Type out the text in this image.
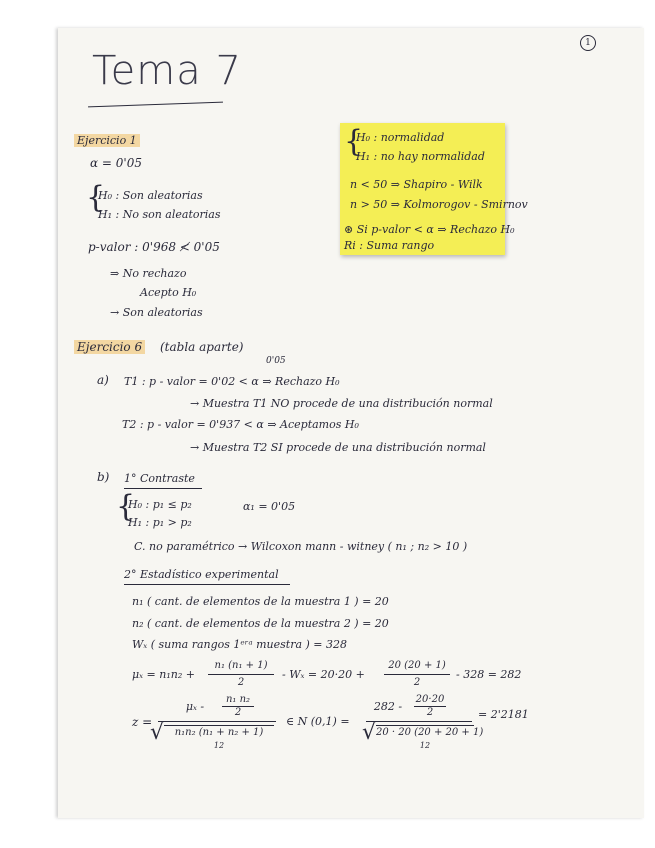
1
Tema 7
{
H₀ : normalidad
H₁ : no hay normalidad
n < 50 ⇒ Shapiro - Wilk
n > 50 ⇒ Kolmorogov - Smirnov
⊛ Si p-valor < α ⇒ Rechazo H₀
Ri : Suma rango
Ejercicio 1
α = 0'05
{
H₀ : Son aleatorias
H₁ : No son aleatorias
p-valor : 0'968 ≮ 0'05
⇒ No rechazo
Acepto H₀
→ Son aleatorias
Ejercicio 6 (tabla aparte)
0'05
a) T1 : p - valor = 0'02 < α ⇒ Rechazo H₀
→ Muestra T1 NO procede de una distribución normal
T2 : p - valor = 0'937 < α ⇒ Aceptamos H₀
→ Muestra T2 SI procede de una distribución normal
b) 1° Contraste
{
H₀ : p₁ ≤ p₂
H₁ : p₁ > p₂
α₁ = 0'05
C. no paramétrico → Wilcoxon mann - witney ( n₁ ; n₂ > 10 )
2° Estadístico experimental
n₁ ( cant. de elementos de la muestra 1 ) = 20
n₂ ( cant. de elementos de la muestra 2 ) = 20
Wₓ ( suma rangos 1ᵉʳᵃ muestra ) = 328
μₓ = n₁n₂ +
n₁ (n₁ + 1)
2
- Wₓ = 20·20 +
20 (20 + 1)
2
- 328 = 282
z =
μₓ -
n₁ n₂
2
√	n₁n₂ (n₁ + n₂ + 1)
12
∈ N (0,1) =
282 -
20·20
2
√ 20 · 20 (20 + 20 + 1)
12
= 2'2181
